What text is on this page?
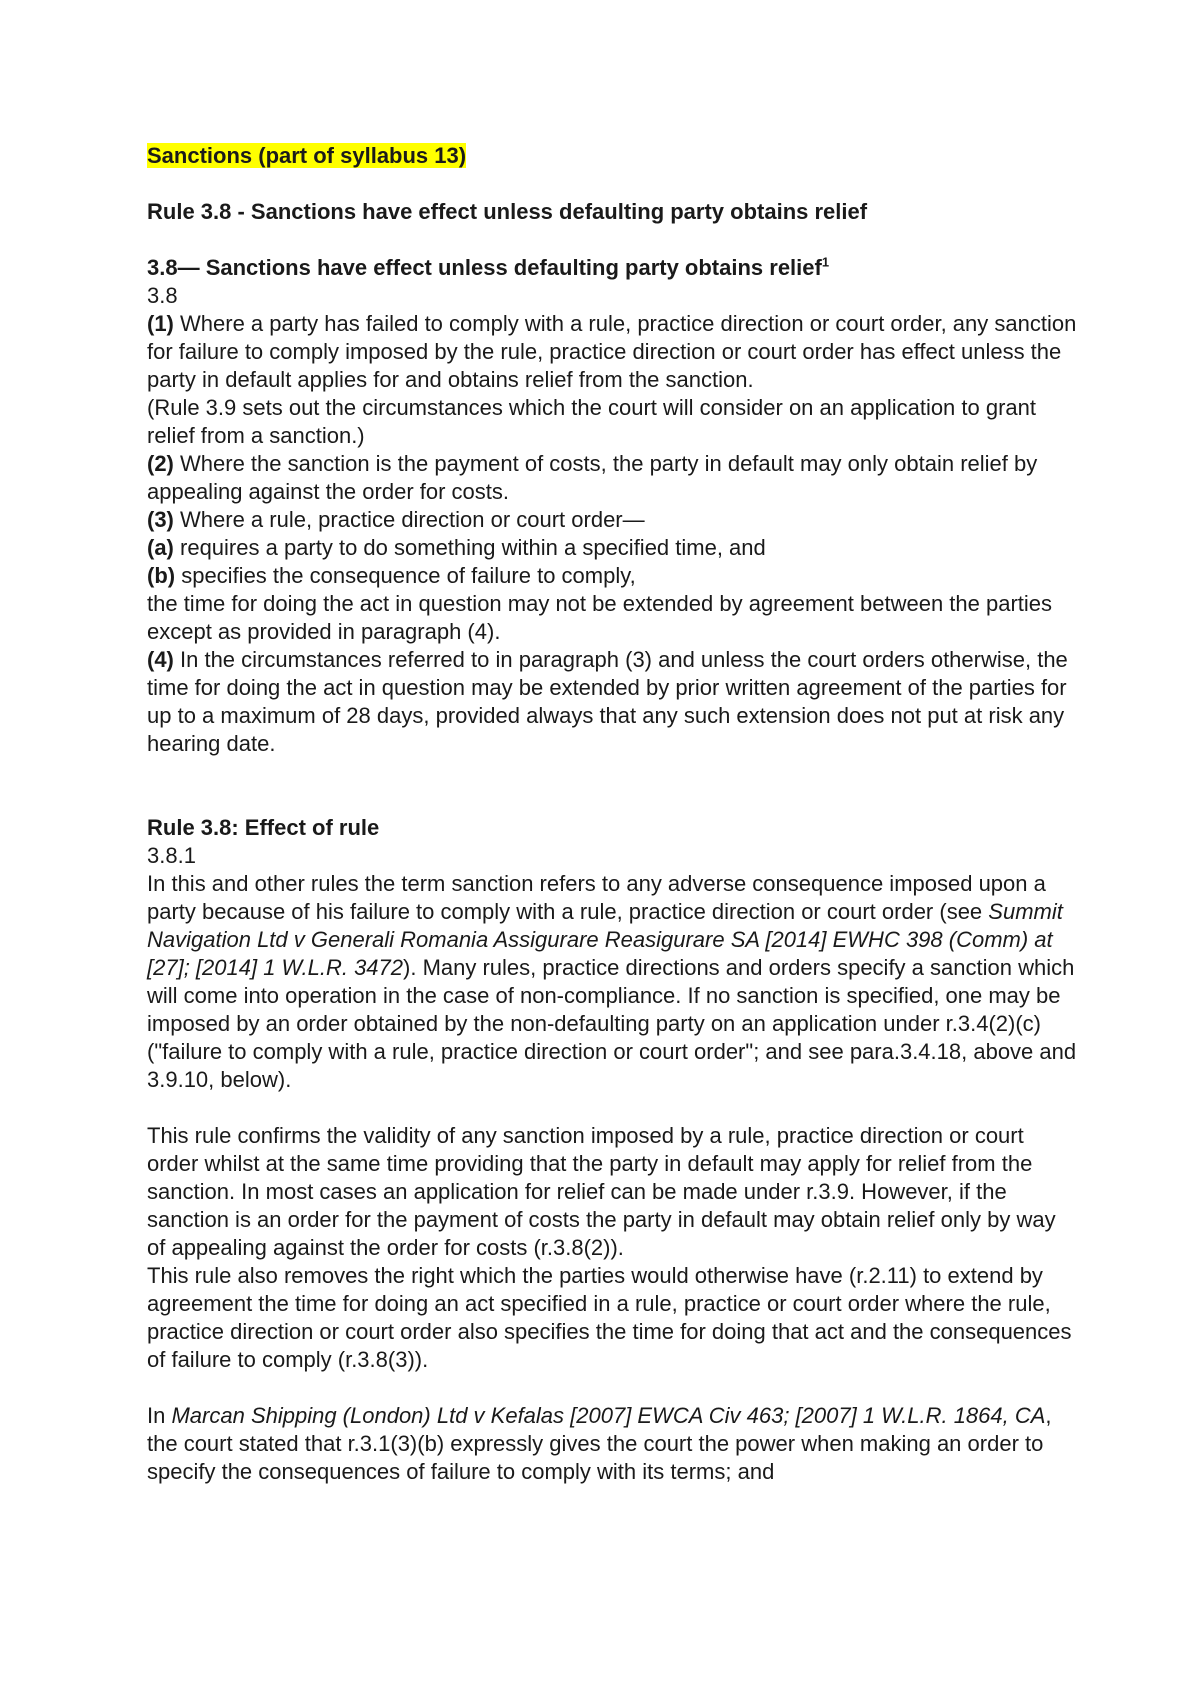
Sanctions (part of syllabus 13)

Rule 3.8 - Sanctions have effect unless defaulting party obtains relief

3.8— Sanctions have effect unless defaulting party obtains relief$^1$

3.8

(1) Where a party has failed to comply with a rule, practice direction or court order, any sanction for failure to comply imposed by the rule, practice direction or court order has effect unless the party in default applies for and obtains relief from the sanction.

(Rule 3.9 sets out the circumstances which the court will consider on an application to grant relief from a sanction.)

(2) Where the sanction is the payment of costs, the party in default may only obtain relief by appealing against the order for costs.

(3) Where a rule, practice direction or court order—

(a) requires a party to do something within a specified time, and

(b) specifies the consequence of failure to comply,

the time for doing the act in question may not be extended by agreement between the parties except as provided in paragraph (4).

(4) In the circumstances referred to in paragraph (3) and unless the court orders otherwise, the time for doing the act in question may be extended by prior written agreement of the parties for up to a maximum of 28 days, provided always that any such extension does not put at risk any hearing date.

Rule 3.8: Effect of rule

3.8.1

In this and other rules the term sanction refers to any adverse consequence imposed upon a party because of his failure to comply with a rule, practice direction or court order (see Summit Navigation Ltd v Generali Romania Assigurare Reasigurare SA [2014] EWHC 398 (Comm) at [27]; [2014] 1 W.L.R. 3472). Many rules, practice directions and orders specify a sanction which will come into operation in the case of non-compliance. If no sanction is specified, one may be imposed by an order obtained by the non-defaulting party on an application under r.3.4(2)(c) ("failure to comply with a rule, practice direction or court order"; and see para.3.4.18, above and 3.9.10, below).

This rule confirms the validity of any sanction imposed by a rule, practice direction or court order whilst at the same time providing that the party in default may apply for relief from the sanction. In most cases an application for relief can be made under r.3.9. However, if the sanction is an order for the payment of costs the party in default may obtain relief only by way of appealing against the order for costs (r.3.8(2)).

This rule also removes the right which the parties would otherwise have (r.2.11) to extend by agreement the time for doing an act specified in a rule, practice or court order where the rule, practice direction or court order also specifies the time for doing that act and the consequences of failure to comply (r.3.8(3)).

In Marcan Shipping (London) Ltd v Kefalas [2007] EWCA Civ 463; [2007] 1 W.L.R. 1864, CA, the court stated that r.3.1(3)(b) expressly gives the court the power when making an order to specify the consequences of failure to comply with its terms; and
